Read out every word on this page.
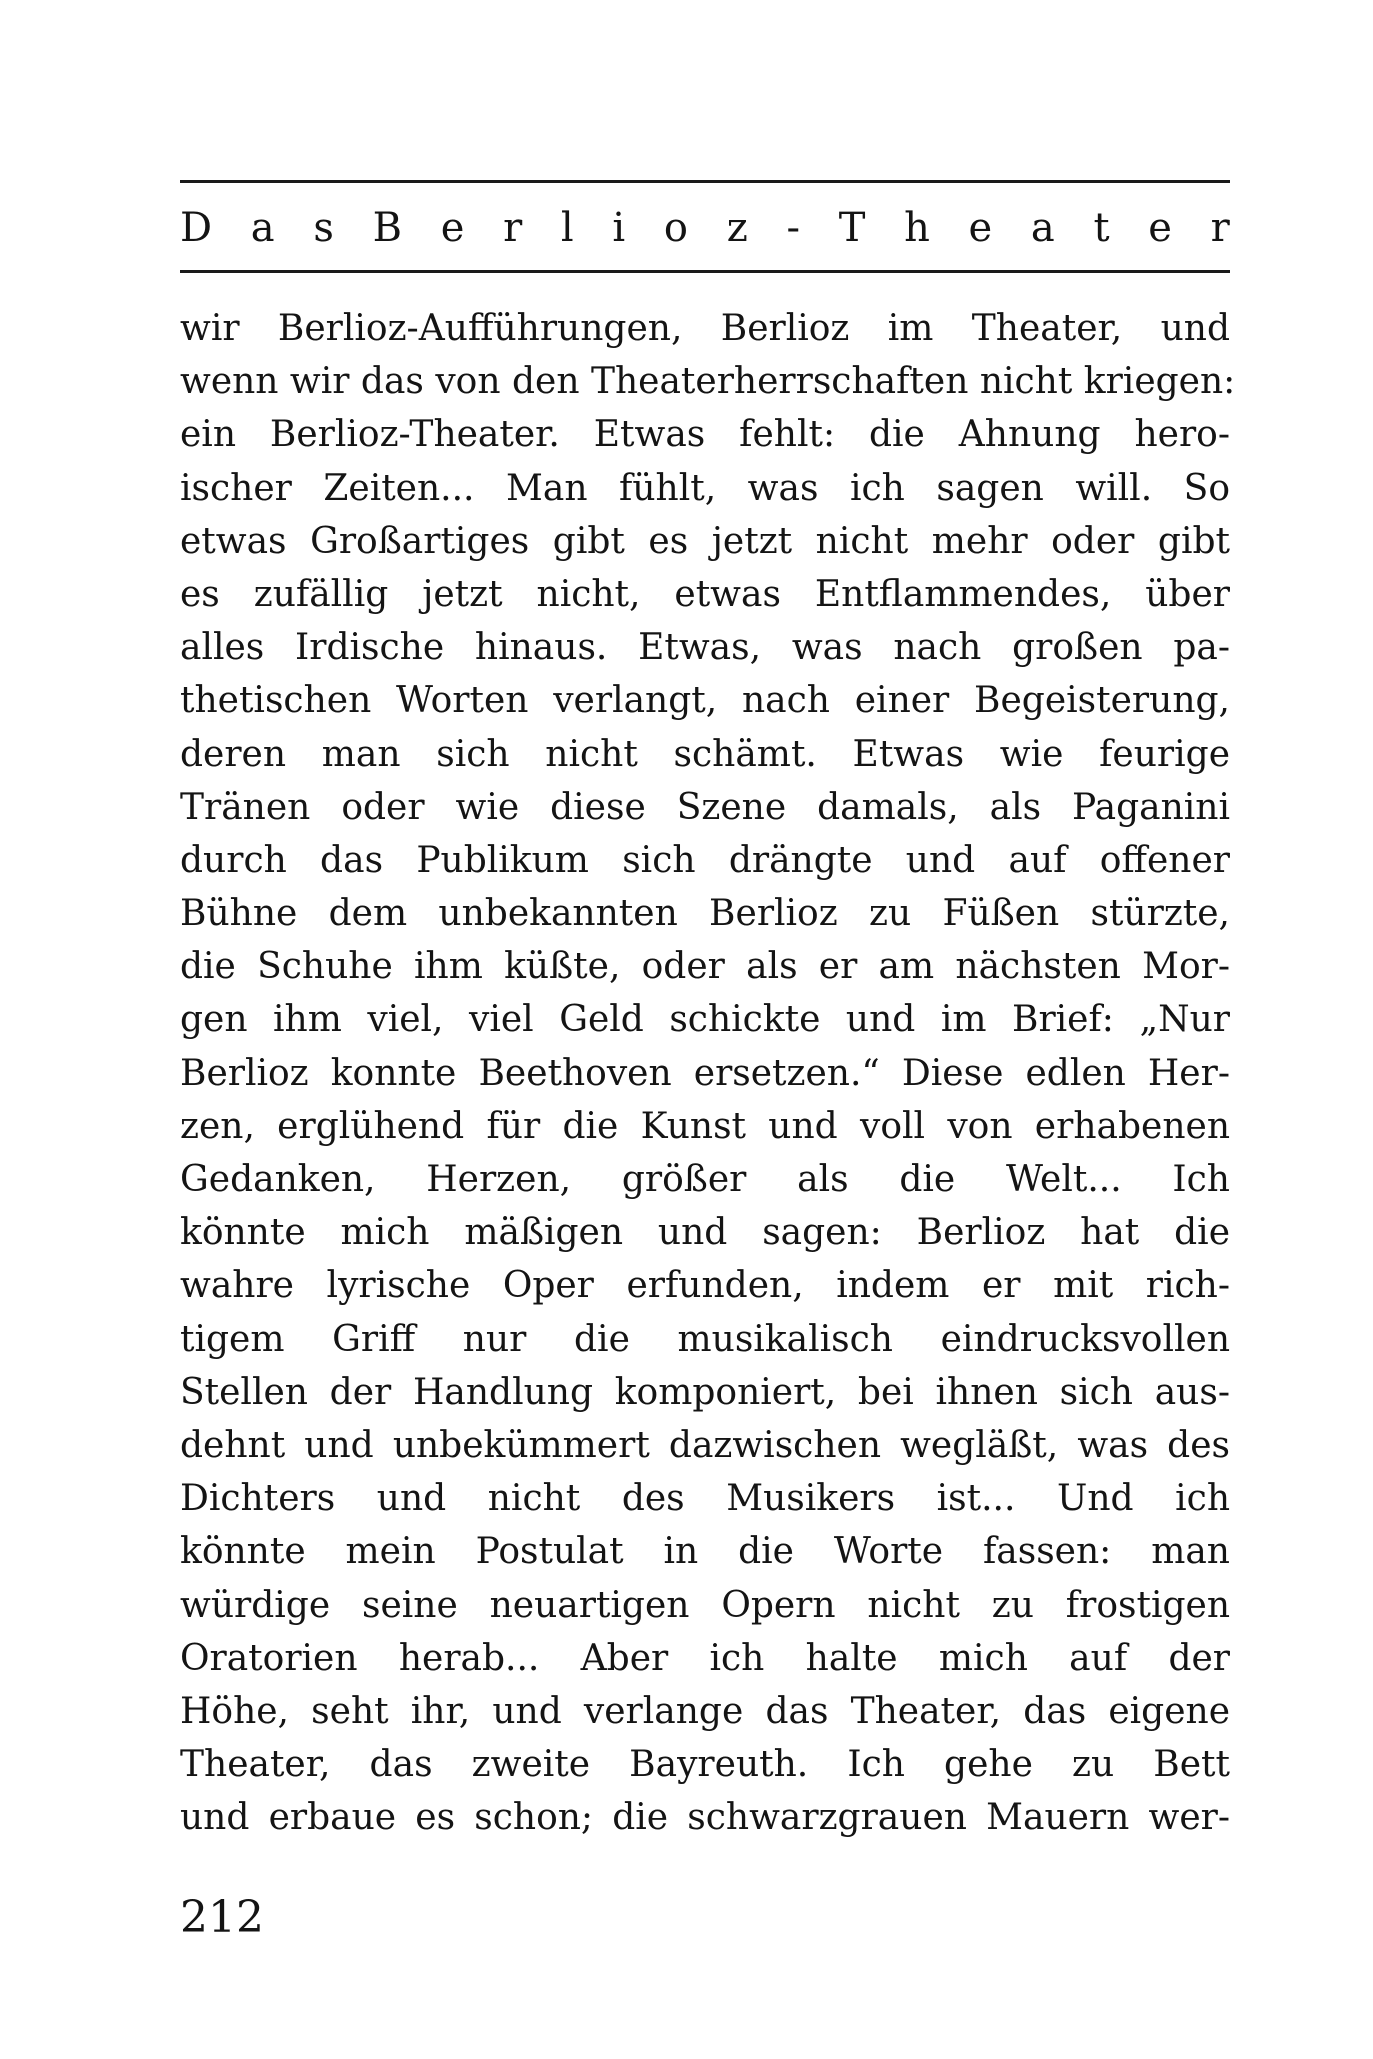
D a s B e r l i o z - T h e a t e r
wir Berlioz-Aufführungen, Berlioz im Theater, und
wenn wir das von den Theaterherrschaften nicht kriegen:
ein Berlioz-Theater. Etwas fehlt: die Ahnung hero-
ischer Zeiten... Man fühlt, was ich sagen will. So
etwas Großartiges gibt es jetzt nicht mehr oder gibt
es zufällig jetzt nicht, etwas Entflammendes, über
alles Irdische hinaus. Etwas, was nach großen pa-
thetischen Worten verlangt, nach einer Begeisterung,
deren man sich nicht schämt. Etwas wie feurige
Tränen oder wie diese Szene damals, als Paganini
durch das Publikum sich drängte und auf offener
Bühne dem unbekannten Berlioz zu Füßen stürzte,
die Schuhe ihm küßte, oder als er am nächsten Mor-
gen ihm viel, viel Geld schickte und im Brief: „Nur
Berlioz konnte Beethoven ersetzen.“ Diese edlen Her-
zen, erglühend für die Kunst und voll von erhabenen
Gedanken, Herzen, größer als die Welt... Ich
könnte mich mäßigen und sagen: Berlioz hat die
wahre lyrische Oper erfunden, indem er mit rich-
tigem Griff nur die musikalisch eindrucksvollen
Stellen der Handlung komponiert, bei ihnen sich aus-
dehnt und unbekümmert dazwischen wegläßt, was des
Dichters und nicht des Musikers ist... Und ich
könnte mein Postulat in die Worte fassen: man
würdige seine neuartigen Opern nicht zu frostigen
Oratorien herab... Aber ich halte mich auf der
Höhe, seht ihr, und verlange das Theater, das eigene
Theater, das zweite Bayreuth. Ich gehe zu Bett
und erbaue es schon; die schwarzgrauen Mauern wer-
212
